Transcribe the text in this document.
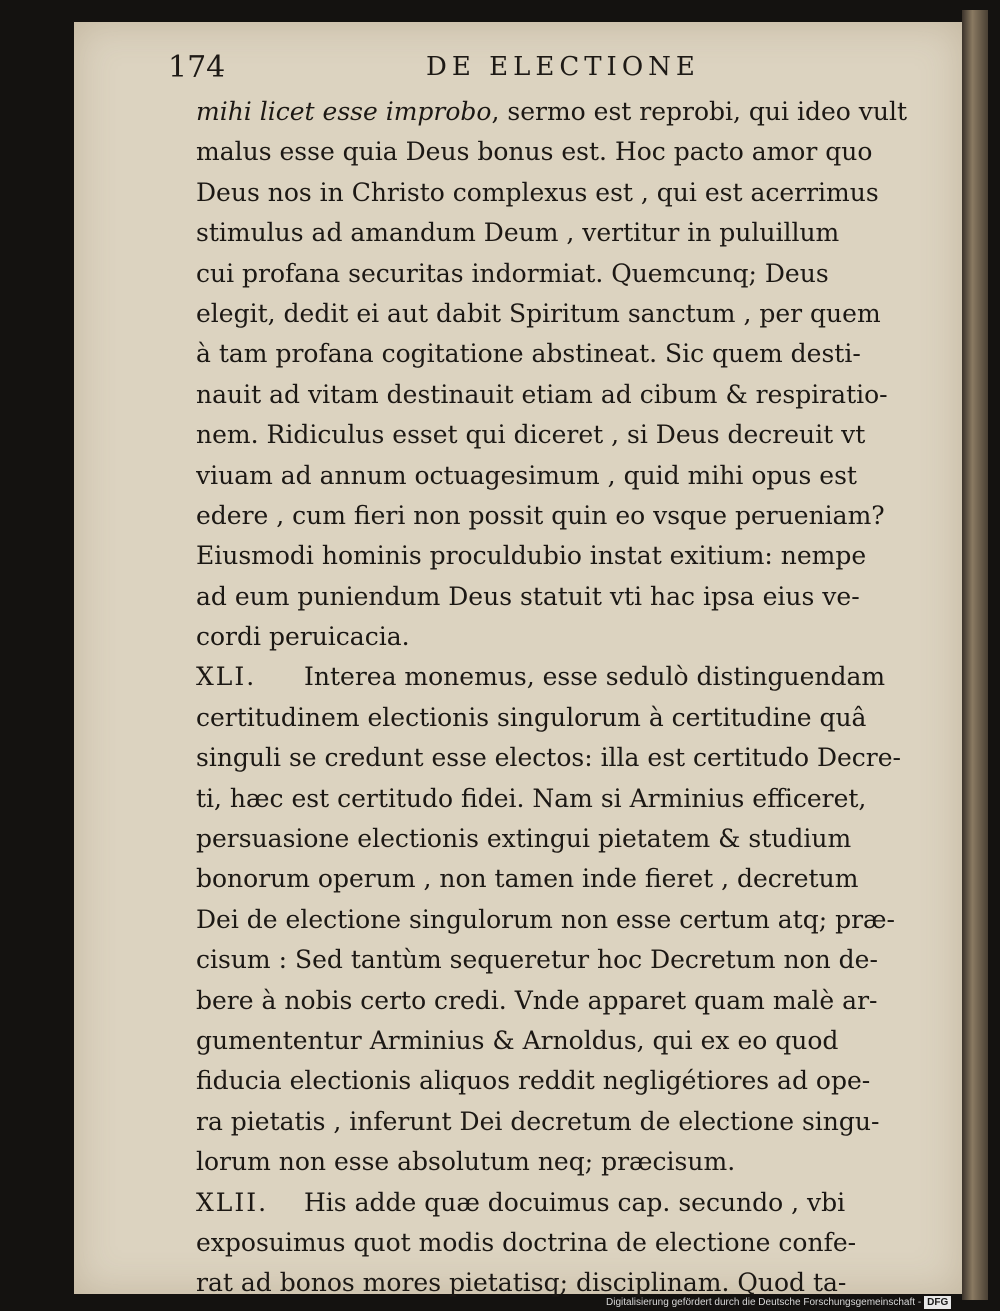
174	DE ELECTIONE
mihi licet esse improbo, sermo est reprobi, qui ideo vult
malus esse quia Deus bonus est. Hoc pacto amor quo
Deus nos in Christo complexus est , qui est acerrimus
stimulus ad amandum Deum , vertitur in puluillum
cui profana securitas indormiat. Quemcunq; Deus
elegit, dedit ei aut dabit Spiritum sanctum , per quem
à tam profana cogitatione abstineat. Sic quem desti-
nauit ad vitam destinauit etiam ad cibum & respiratio-
nem. Ridiculus esset qui diceret , si Deus decreuit vt
viuam ad annum octuagesimum , quid mihi opus est
edere , cum fieri non possit quin eo vsque perueniam?
Eiusmodi hominis proculdubio instat exitium: nempe
ad eum puniendum Deus statuit vti hac ipsa eius ve-
cordi peruicacia.
XLI. Interea monemus, esse sedulò distinguendam
certitudinem electionis singulorum à certitudine quâ
singuli se credunt esse electos: illa est certitudo Decre-
ti, hæc est certitudo fidei. Nam si Arminius efficeret,
persuasione electionis extingui pietatem & studium
bonorum operum , non tamen inde fieret , decretum
Dei de electione singulorum non esse certum atq; præ-
cisum : Sed tantùm sequeretur hoc Decretum non de-
bere à nobis certo credi. Vnde apparet quam malè ar-
gumententur Arminius & Arnoldus, qui ex eo quod
fiducia electionis aliquos reddit negligétiores ad ope-
ra pietatis , inferunt Dei decretum de electione singu-
lorum non esse absolutum neq; præcisum.
XLII. His adde quæ docuimus cap. secundo , vbi
exposuimus quot modis doctrina de electione confe-
rat ad bonos mores pietatisq; disciplinam. Quod ta-
Digitalisierung gefördert durch die Deutsche Forschungsgemeinschaft - DFG
